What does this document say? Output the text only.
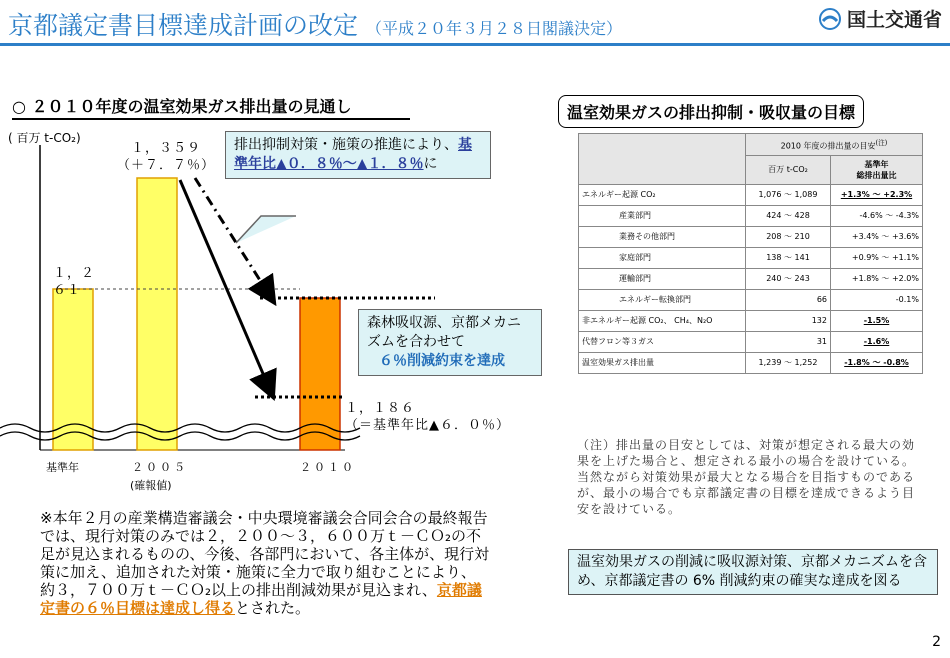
京都議定書目標達成計画の改定 （平成２０年３月２８日閣議決定）	国土交通省
○ ２０１０年度の温室効果ガス排出量の見通し
( 百万 t-CO₂)
１，２
６１
１，３５９
（＋７．７％）
１，１８６
（＝基準年比▲６．０％）
基準年	２００５
(確報値)
２０１０
排出抑制対策・施策の推進により、基準年比▲０．８％～▲１．８％に
森林吸収源、京都メカニズムを合わせて
６％削減約束を達成
※本年２月の産業構造審議会・中央環境審議会合同会合の最終報告では、現行対策のみでは２，２００～３，６００万ｔ－ＣＯ₂の不足が見込まれるものの、今後、各部門において、各主体が、現行対策に加え、追加された対策・施策に全力で取り組むことにより、約３，７００万ｔ－ＣＯ₂以上の排出削減効果が見込まれ、京都議定書の６％目標は達成し得るとされた。
温室効果ガスの排出抑制・吸収量の目標
	2010 年度の排出量の目安$^{(注)}$
	百万 t-CO₂	基準年
総排出量比
エネルギー起源 CO₂	1,076 ～ 1,089	+1.3% ～ +2.3%
産業部門	424 ～ 428	-4.6% ～ -4.3%
業務その他部門	208 ～ 210	+3.4% ～ +3.6%
家庭部門	138 ～ 141	+0.9% ～ +1.1%
運輸部門	240 ～ 243	+1.8% ～ +2.0%
エネルギー転換部門	66	-0.1%
非エネルギー起源 CO₂、 CH₄、N₂O	132	-1.5%
代替フロン等３ガス	31	-1.6%
温室効果ガス排出量	1,239 ～ 1,252	-1.8% ～ -0.8%
（注）排出量の目安としては、対策が想定される最大の効果を上げた場合と、想定される最小の場合を設けている。当然ながら対策効果が最大となる場合を目指すものであるが、最小の場合でも京都議定書の目標を達成できるよう目安を設けている。
温室効果ガスの削減に吸収源対策、京都メカニズムを含め、京都議定書の 6% 削減約束の確実な達成を図る
2
